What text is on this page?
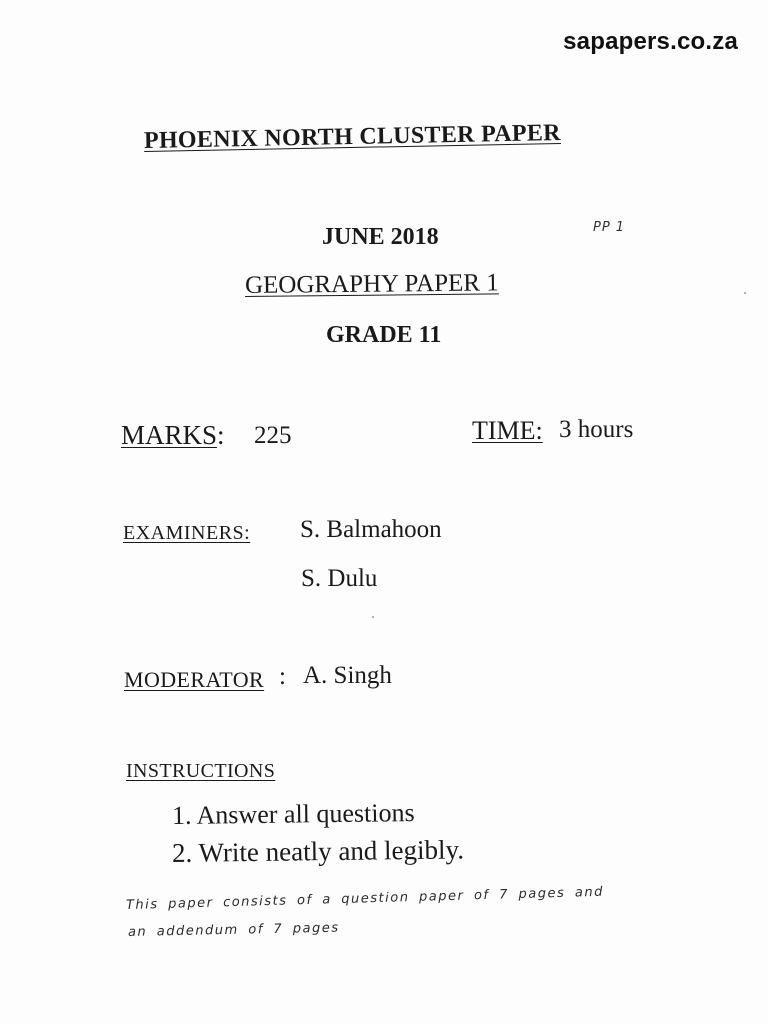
sapapers.co.za
PHOENIX NORTH CLUSTER PAPER
JUNE 2018	PP 1
GEOGRAPHY PAPER 1
GRADE 11
MARKS: 225	TIME: 3 hours
EXAMINERS: S. Balmahoon
S. Dulu
MODERATOR : A. Singh
INSTRUCTIONS
1. Answer all questions
2. Write neatly and legibly.
This paper consists of a question paper of 7 pages and
an addendum of 7 pages
